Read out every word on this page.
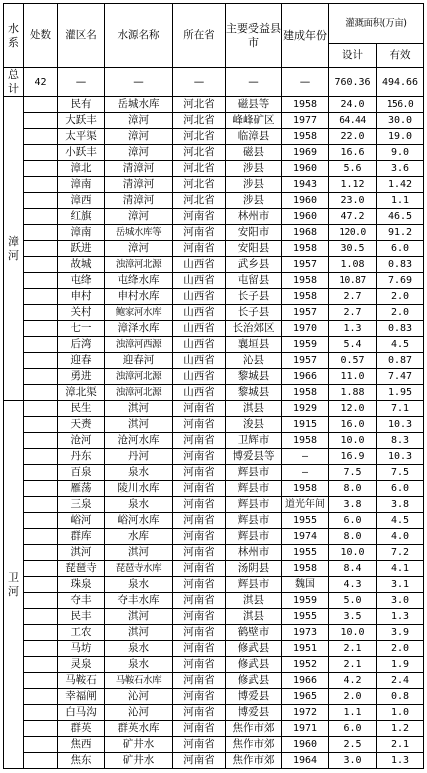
水系	处数	灌区名	水源名称	所在省	主要受益县市	建成年份	灌溉面积(万亩)	
							设计	有效
总计	42	—	—	—	—	—	760.36	494.66
漳河		民有	岳城水库	河北省	磁县等	1958	24.0	156.0
		大跃丰	漳河	河北省	峰峰矿区	1977	64.44	30.0
		太平渠	漳河	河北省	临漳县	1958	22.0	19.0
		小跃丰	漳河	河北省	磁县	1969	16.6	9.0
		漳北	清漳河	河北省	涉县	1960	5.6	3.6
		漳南	清漳河	河北省	涉县	1943	1.12	1.42
		漳西	清漳河	河北省	涉县	1960	23.0	1.1
		红旗	漳河	河南省	林州市	1960	47.2	46.5
		漳南	岳城水库等	河南省	安阳市	1968	120.0	91.2
		跃进	漳河	河南省	安阳县	1958	30.5	6.0
		故城	浊漳河北源	山西省	武乡县	1957	1.08	0.83
		屯绛	屯绛水库	山西省	屯留县	1958	10.87	7.69
		申村	申村水库	山西省	长子县	1958	2.7	2.0
		关村	鲍家河水库	山西省	长子县	1957	2.7	2.0
		七一	漳泽水库	山西省	长治郊区	1970	1.3	0.83
		后湾	浊漳河西源	山西省	襄垣县	1959	5.4	4.5
		迎春	迎春河	山西省	沁县	1957	0.57	0.87
		勇进	浊漳河北源	山西省	黎城县	1966	11.0	7.47
		漳北渠	浊漳河北源	山西省	黎城县	1958	1.88	1.95
卫河		民生	淇河	河南省	淇县	1929	12.0	7.1
		天赉	淇河	河南省	浚县	1915	16.0	10.3
		沧河	沧河水库	河南省	卫辉市	1958	10.0	8.3
		丹东	丹河	河南省	博爱县等	—	16.9	10.3
		百泉	泉水	河南省	辉县市	—	7.5	7.5
		雁荡	陵川水库	河南省	辉县市	1958	8.0	6.0
		三泉	泉水	河南省	辉县市	道光年间	3.8	3.8
		峪河	峪河水库	河南省	辉县市	1955	6.0	4.5
		群库	水库	河南省	辉县市	1974	8.0	4.0
		淇河	淇河	河南省	林州市	1955	10.0	7.2
		琵琶寺	琵琶寺水库	河南省	汤阴县	1958	8.4	4.1
		珠泉	泉水	河南省	辉县市	魏国	4.3	3.1
		夺丰	夺丰水库	河南省	淇县	1959	5.0	3.0
		民丰	淇河	河南省	淇县	1955	3.5	1.3
		工农	淇河	河南省	鹤壁市	1973	10.0	3.9
		马坊	泉水	河南省	修武县	1951	2.1	2.0
		灵泉	泉水	河南省	修武县	1952	2.1	1.9
		马鞍石	马鞍石水库	河南省	修武县	1966	4.2	2.4
		幸福闸	沁河	河南省	博爱县	1965	2.0	0.8
		白马沟	沁河	河南省	博爱县	1972	1.1	1.0
		群英	群英水库	河南省	焦作市郊	1971	6.0	1.2
		焦西	矿井水	河南省	焦作市郊	1960	2.5	2.1
		焦东	矿井水	河南省	焦作市郊	1964	3.0	1.3
